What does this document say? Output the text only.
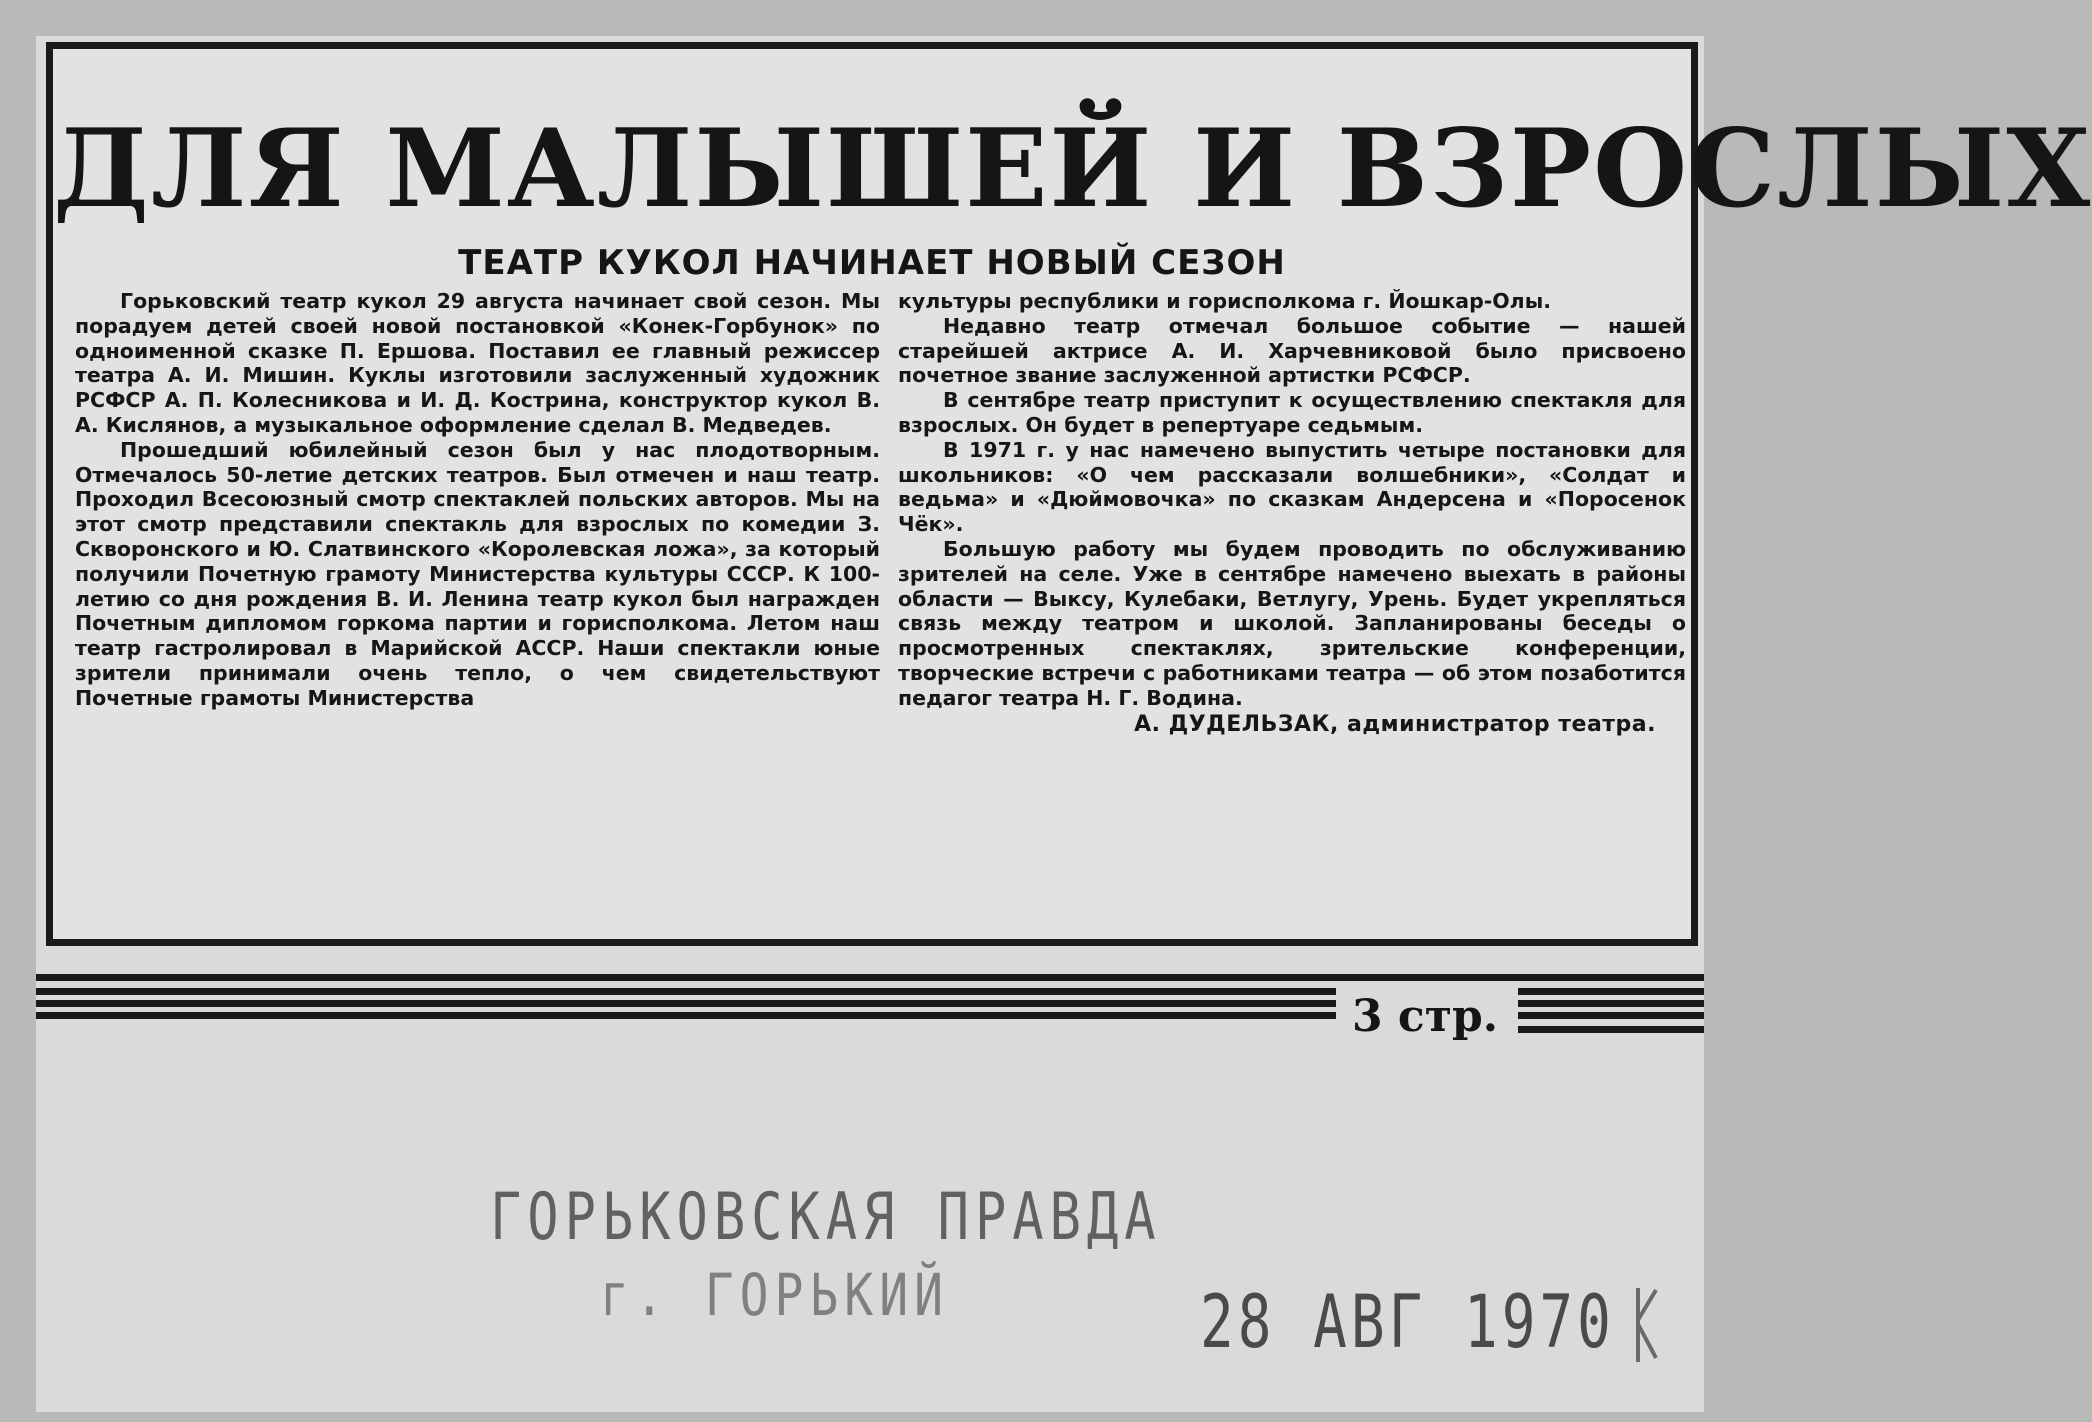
ДЛЯ МАЛЫШЕЙ И ВЗРОСЛЫХ
ТЕАТР КУКОЛ НАЧИНАЕТ НОВЫЙ СЕЗОН

Горьковский театр кукол 29 августа начинает свой сезон. Мы порадуем детей своей новой постановкой «Конек-Горбунок» по одноименной сказке П. Ершова. Поставил ее главный режиссер театра А. И. Мишин. Куклы изготовили заслуженный художник РСФСР А. П. Колесникова и И. Д. Кострина, конструктор кукол В. А. Кислянов, а музыкальное оформление сделал В. Медведев.

Прошедший юбилейный сезон был у нас плодотворным. Отмечалось 50-летие детских театров. Был отмечен и наш театр. Проходил Всесоюзный смотр спектаклей польских авторов. Мы на этот смотр представили спектакль для взрослых по комедии З. Скворонского и Ю. Слатвинского «Королевская ложа», за который получили Почетную грамоту Министерства культуры СССР. К 100-летию со дня рождения В. И. Ленина театр кукол был награжден Почетным дипломом горкома партии и горисполкома. Летом наш театр гастролировал в Марийской АССР. Наши спектакли юные зрители принимали очень тепло, о чем свидетельствуют Почетные грамоты Министерства

культуры республики и горисполкома г. Йошкар-Олы.

Недавно театр отмечал большое событие — нашей старейшей актрисе А. И. Харчевниковой было присвоено почетное звание заслуженной артистки РСФСР.

В сентябре театр приступит к осуществлению спектакля для взрослых. Он будет в репертуаре седьмым.

В 1971 г. у нас намечено выпустить четыре постановки для школьников: «О чем рассказали волшебники», «Солдат и ведьма» и «Дюймовочка» по сказкам Андерсена и «Поросенок Чёк».

Большую работу мы будем проводить по обслуживанию зрителей на селе. Уже в сентябре намечено выехать в районы области — Выксу, Кулебаки, Ветлугу, Урень. Будет укрепляться связь между театром и школой. Запланированы беседы о просмотренных спектаклях, зрительские конференции, творческие встречи с работниками театра — об этом позаботится педагог театра Н. Г. Водина.

А. ДУДЕЛЬЗАК, администратор театра.

3 стр.
ГОРЬКОВСКАЯ ПРАВДА
г. ГОРЬКИЙ	28 АВГ 1970
